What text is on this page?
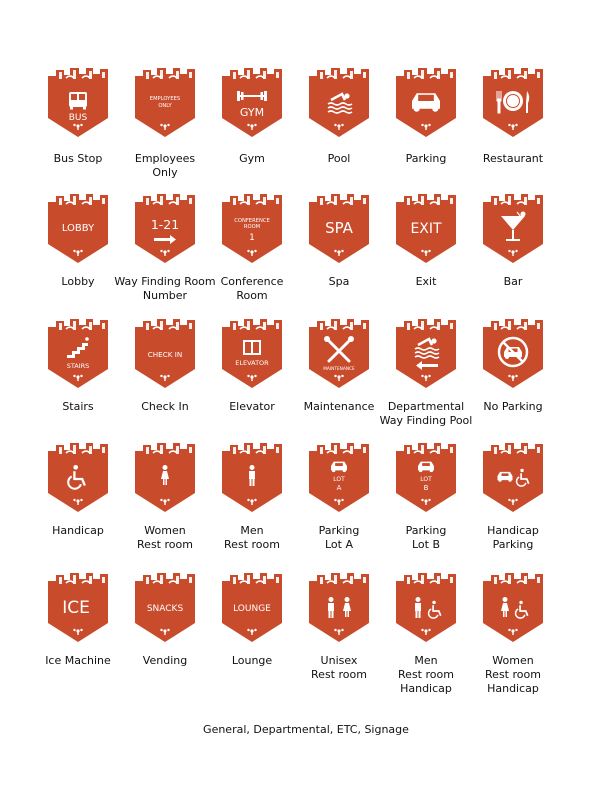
General, Departmental, ETC, Signage
BUS
Bus Stop
EMPLOYEES
ONLY
Employees
Only
GYM
Gym	Pool	Parking	Restaurant
LOBBY
Lobby
1-21
Way Finding Room
Number
CONFERENCE
ROOM
1
Conference
Room
SPA
Spa
EXIT
Exit	Bar
STAIRS
Stairs
CHECK IN
Check In
ELEVATOR
Elevator
MAINTENANCE
Maintenance	Departmental
Way Finding Pool
No Parking
Handicap	Women
Rest room
Men
Rest room
LOT
A
Parking
Lot A
LOT
B
Parking
Lot B
Handicap
Parking
ICE
Ice Machine
SNACKS
Vending
LOUNGE
Lounge	Unisex
Rest room
Men
Rest room
Handicap
Women
Rest room
Handicap
